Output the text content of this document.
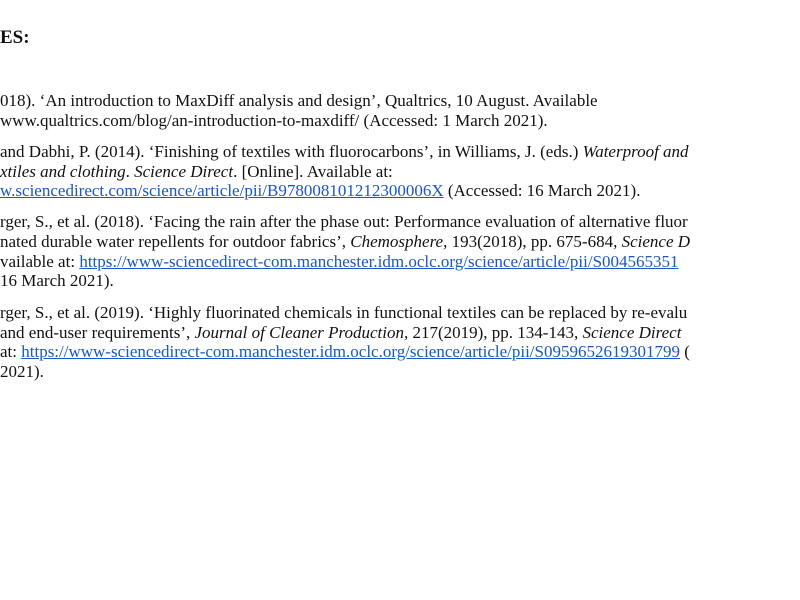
ES:
018). ‘An introduction to MaxDiff analysis and design’, Qualtrics, 10 August. Available
www.qualtrics.com/blog/an-introduction-to-maxdiff/ (Accessed: 1 March 2021).
and Dabhi, P. (2014). ‘Finishing of textiles with fluorocarbons’, in Williams, J. (eds.) Waterproof and
xtiles and clothing. Science Direct. [Online]. Available at:
w.sciencedirect.com/science/article/pii/B978008101212300006X (Accessed: 16 March 2021).
rger, S., et al. (2018). ‘Facing the rain after the phase out: Performance evaluation of alternative fluor
nated durable water repellents for outdoor fabrics’, Chemosphere, 193(2018), pp. 675-684, Science D
vailable at: https://www-sciencedirect-com.manchester.idm.oclc.org/science/article/pii/S004565351
16 March 2021).
rger, S., et al. (2019). ‘Highly fluorinated chemicals in functional textiles can be replaced by re-evalu
and end-user requirements’, Journal of Cleaner Production, 217(2019), pp. 134-143, Science Direct
at: https://www-sciencedirect-com.manchester.idm.oclc.org/science/article/pii/S0959652619301799 (
2021).
